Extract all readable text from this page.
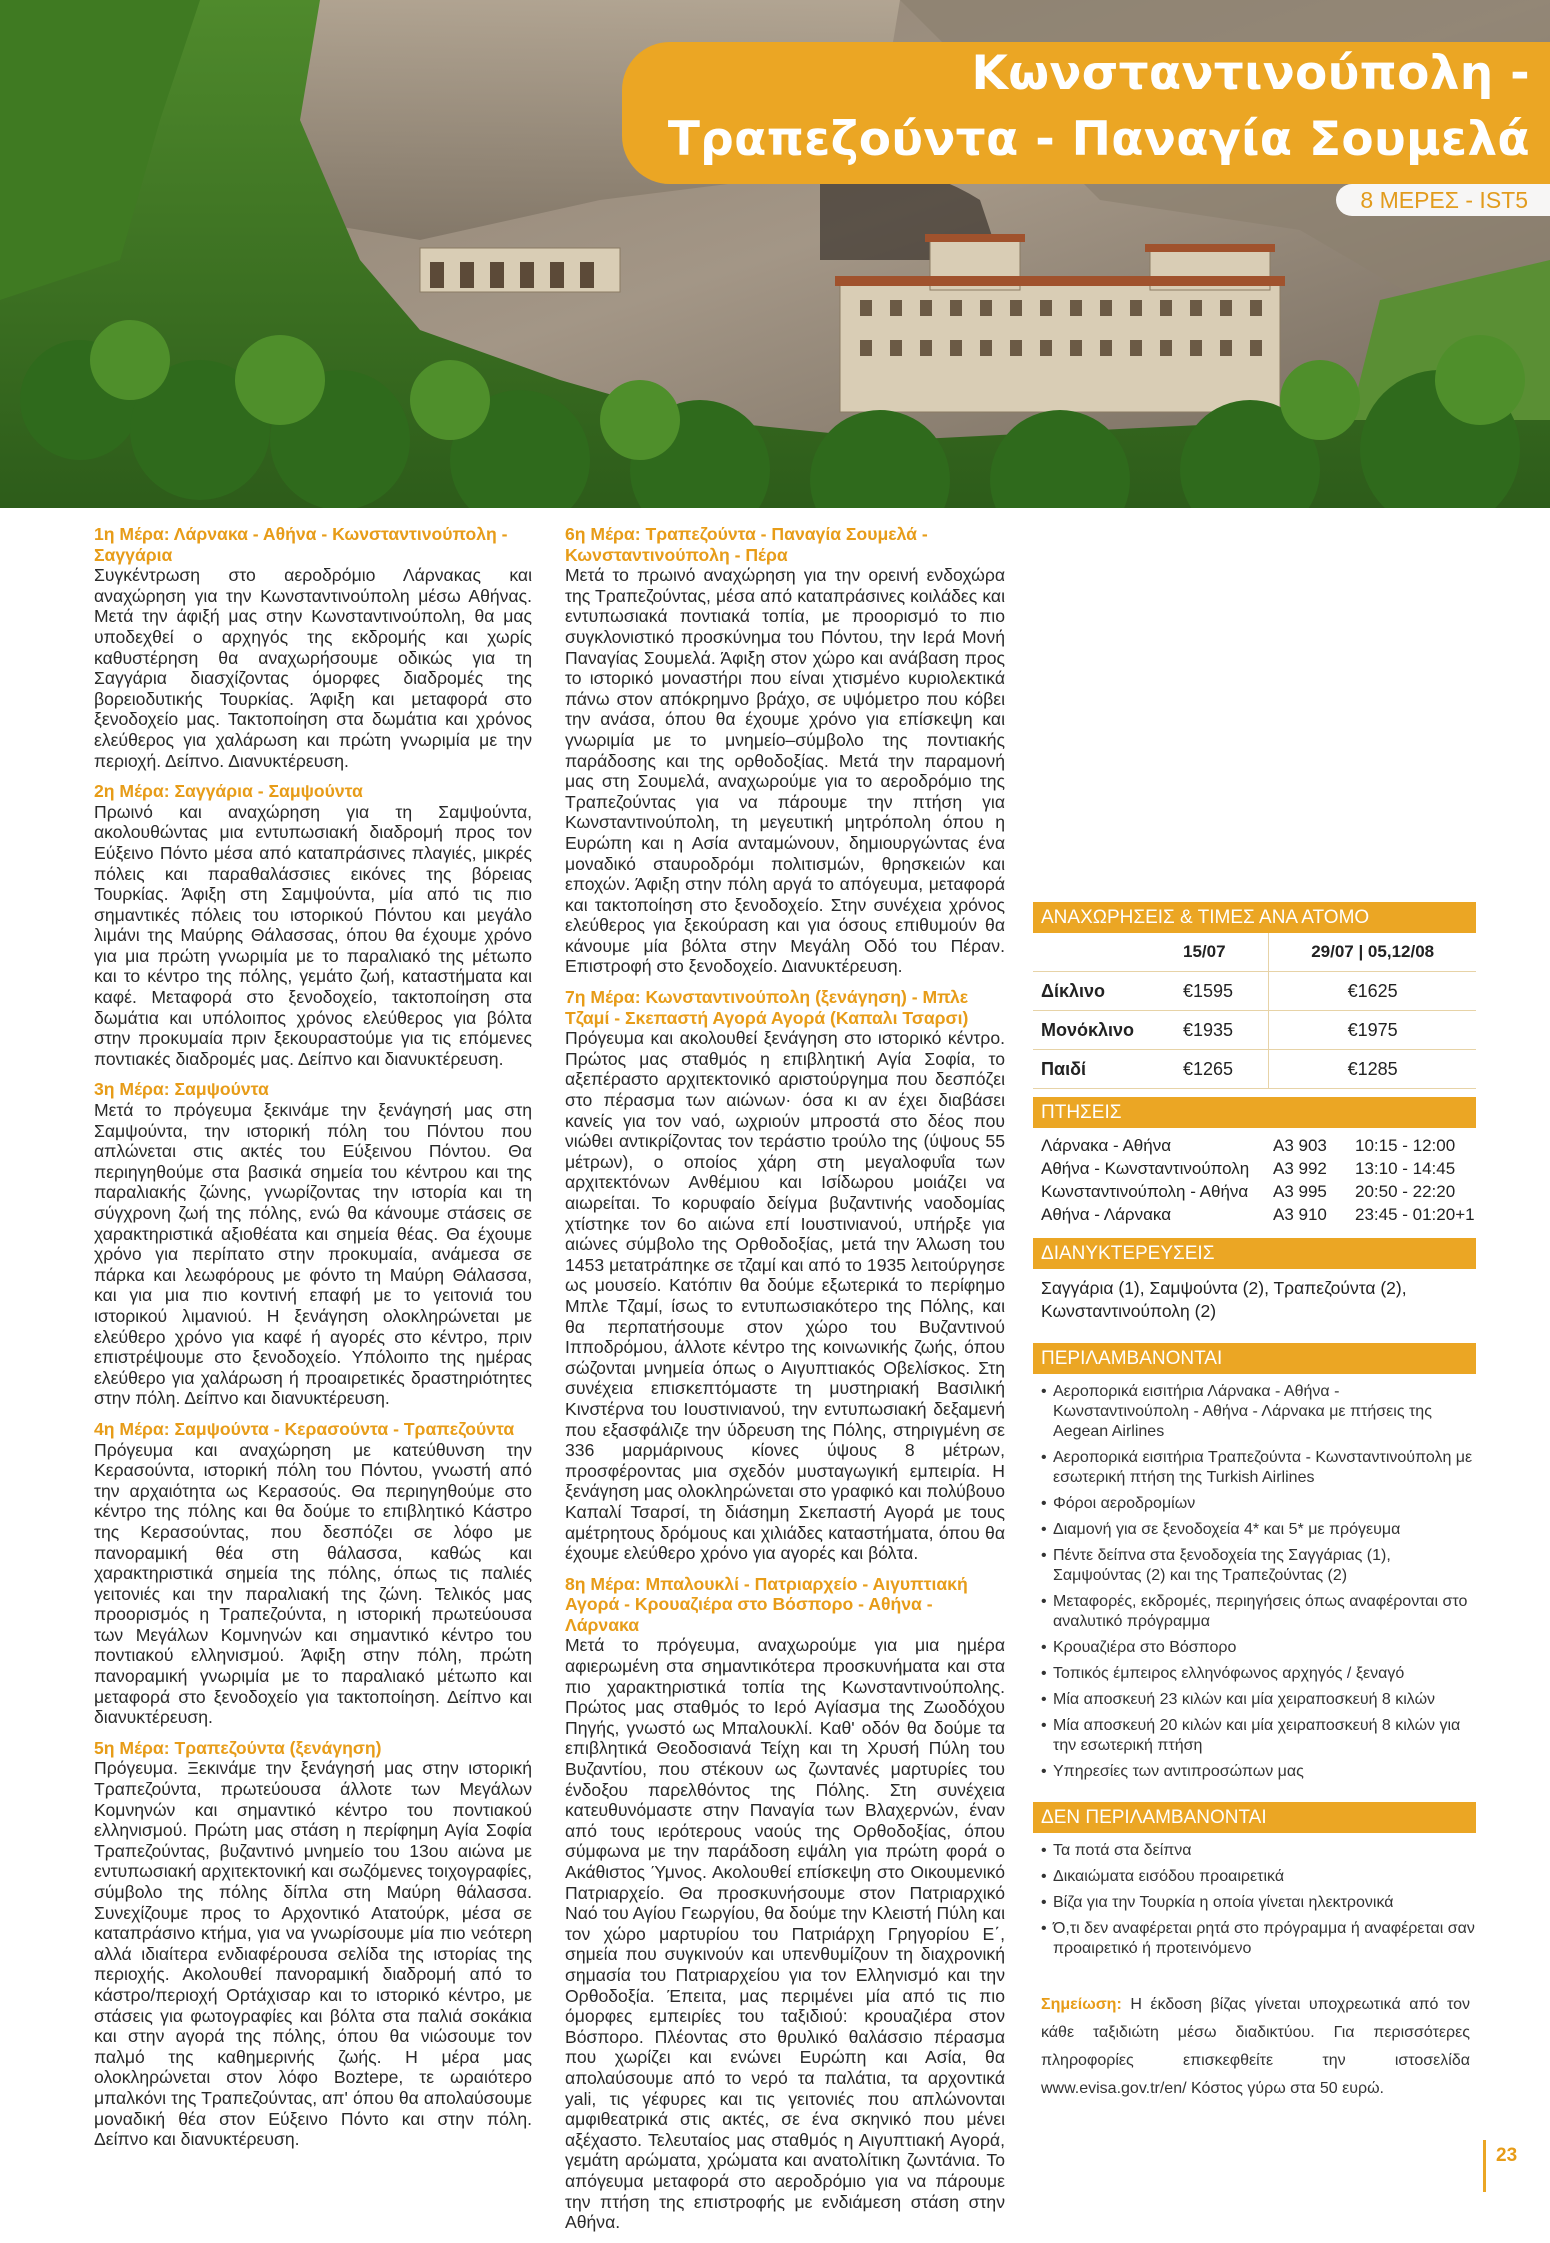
Κωνσταντινούπολη -
Τραπεζούντα - Παναγία Σουμελά
8 ΜΕΡΕΣ - IST5
1η Μέρα: Λάρνακα - Αθήνα - Κωνσταντινούπολη - Σαγγάρια

Συγκέντρωση στο αεροδρόμιο Λάρνακας και αναχώρηση για την Κωνσταντινούπολη μέσω Αθήνας. Μετά την άφιξή μας στην Κωνσταντινούπολη, θα μας υποδεχθεί ο αρχηγός της εκδρομής και χωρίς καθυστέρηση θα αναχωρήσουμε οδικώς για τη Σαγγάρια διασχίζοντας όμορφες διαδρομές της βορειοδυτικής Τουρκίας. Άφιξη και μεταφορά στο ξενοδοχείο μας. Τακτοποίηση στα δωμάτια και χρόνος ελεύθερος για χαλάρωση και πρώτη γνωριμία με την περιοχή. Δείπνο. Διανυκτέρευση.

2η Μέρα: Σαγγάρια - Σαμψούντα

Πρωινό και αναχώρηση για τη Σαμψούντα, ακολουθώντας μια εντυπωσιακή διαδρομή προς τον Εύξεινο Πόντο μέσα από καταπράσινες πλαγιές, μικρές πόλεις και παραθαλάσσιες εικόνες της βόρειας Τουρκίας. Άφιξη στη Σαμψούντα, μία από τις πιο σημαντικές πόλεις του ιστορικού Πόντου και μεγάλο λιμάνι της Μαύρης Θάλασσας, όπου θα έχουμε χρόνο για μια πρώτη γνωριμία με το παραλιακό της μέτωπο και το κέντρο της πόλης, γεμάτο ζωή, καταστήματα και καφέ. Μεταφορά στο ξενοδοχείο, τακτοποίηση στα δωμάτια και υπόλοιπος χρόνος ελεύθερος για βόλτα στην προκυμαία πριν ξεκουραστούμε για τις επόμενες ποντιακές διαδρομές μας. Δείπνο και διανυκτέρευση.

3η Μέρα: Σαμψούντα

Μετά το πρόγευμα ξεκινάμε την ξενάγησή μας στη Σαμψούντα, την ιστορική πόλη του Πόντου που απλώνεται στις ακτές του Εύξεινου Πόντου. Θα περιηγηθούμε στα βασικά σημεία του κέντρου και της παραλιακής ζώνης, γνωρίζοντας την ιστορία και τη σύγχρονη ζωή της πόλης, ενώ θα κάνουμε στάσεις σε χαρακτηριστικά αξιοθέατα και σημεία θέας. Θα έχουμε χρόνο για περίπατο στην προκυμαία, ανάμεσα σε πάρκα και λεωφόρους με φόντο τη Μαύρη Θάλασσα, και για μια πιο κοντινή επαφή με το γειτονιά του ιστορικού λιμανιού. Η ξενάγηση ολοκληρώνεται με ελεύθερο χρόνο για καφέ ή αγορές στο κέντρο, πριν επιστρέψουμε στο ξενοδοχείο. Υπόλοιπο της ημέρας ελεύθερο για χαλάρωση ή προαιρετικές δραστηριότητες στην πόλη. Δείπνο και διανυκτέρευση.

4η Μέρα: Σαμψούντα - Κερασούντα - Τραπεζούντα

Πρόγευμα και αναχώρηση με κατεύθυνση την Κερασούντα, ιστορική πόλη του Πόντου, γνωστή από την αρχαιότητα ως Κερασούς. Θα περιηγηθούμε στο κέντρο της πόλης και θα δούμε το επιβλητικό Κάστρο της Κερασούντας, που δεσπόζει σε λόφο με πανοραμική θέα στη θάλασσα, καθώς και χαρακτηριστικά σημεία της πόλης, όπως τις παλιές γειτονιές και την παραλιακή της ζώνη. Τελικός μας προορισμός η Τραπεζούντα, η ιστορική πρωτεύουσα των Μεγάλων Κομνηνών και σημαντικό κέντρο του ποντιακού ελληνισμού. Άφιξη στην πόλη, πρώτη πανοραμική γνωριμία με το παραλιακό μέτωπο και μεταφορά στο ξενοδοχείο για τακτοποίηση. Δείπνο και διανυκτέρευση.

5η Μέρα: Τραπεζούντα (ξενάγηση)

Πρόγευμα. Ξεκινάμε την ξενάγησή μας στην ιστορική Τραπεζούντα, πρωτεύουσα άλλοτε των Μεγάλων Κομνηνών και σημαντικό κέντρο του ποντιακού ελληνισμού. Πρώτη μας στάση η περίφημη Αγία Σοφία Τραπεζούντας, βυζαντινό μνημείο του 13ου αιώνα με εντυπωσιακή αρχιτεκτονική και σωζόμενες τοιχογραφίες, σύμβολο της πόλης δίπλα στη Μαύρη θάλασσα. Συνεχίζουμε προς το Αρχοντικό Ατατούρκ, μέσα σε καταπράσινο κτήμα, για να γνωρίσουμε μία πιο νεότερη αλλά ιδιαίτερα ενδιαφέρουσα σελίδα της ιστορίας της περιοχής. Ακολουθεί πανοραμική διαδρομή από το κάστρο/περιοχή Ορτάχισαρ και το ιστορικό κέντρο, με στάσεις για φωτογραφίες και βόλτα στα παλιά σοκάκια και στην αγορά της πόλης, όπου θα νιώσουμε τον παλμό της καθημερινής ζωής. Η μέρα μας ολοκληρώνεται στον λόφο Boztepe, τε ωραιότερο μπαλκόνι της Τραπεζούντας, απ' όπου θα απολαύσουμε μοναδική θέα στον Εύξεινο Πόντο και στην πόλη. Δείπνο και διανυκτέρευση.

6η Μέρα: Τραπεζούντα - Παναγία Σουμελά - Κωνσταντινούπολη - Πέρα

Μετά το πρωινό αναχώρηση για την ορεινή ενδοχώρα της Τραπεζούντας, μέσα από καταπράσινες κοιλάδες και εντυπωσιακά ποντιακά τοπία, με προορισμό το πιο συγκλονιστικό προσκύνημα του Πόντου, την Ιερά Μονή Παναγίας Σουμελά. Άφιξη στον χώρο και ανάβαση προς το ιστορικό μοναστήρι που είναι χτισμένο κυριολεκτικά πάνω στον απόκρημνο βράχο, σε υψόμετρο που κόβει την ανάσα, όπου θα έχουμε χρόνο για επίσκεψη και γνωριμία με το μνημείο–σύμβολο της ποντιακής παράδοσης και της ορθοδοξίας. Μετά την παραμονή μας στη Σουμελά, αναχωρούμε για το αεροδρόμιο της Τραπεζούντας για να πάρουμε την πτήση για Κωνσταντινούπολη, τη μεγευτική μητρόπολη όπου η Ευρώπη και η Ασία ανταμώνουν, δημιουργώντας ένα μοναδικό σταυροδρόμι πολιτισμών, θρησκειών και εποχών. Άφιξη στην πόλη αργά το απόγευμα, μεταφορά και τακτοποίηση στο ξενοδοχείο. Στην συνέχεια χρόνος ελεύθερος για ξεκούραση και για όσους επιθυμούν θα κάνουμε μία βόλτα στην Μεγάλη Οδό του Πέραν. Επιστροφή στο ξενοδοχείο. Διανυκτέρευση.

7η Μέρα: Κωνσταντινούπολη (ξενάγηση) - Μπλε Τζαμί - Σκεπαστή Αγορά Αγορά (Καπαλι Τσαρσι)

Πρόγευμα και ακολουθεί ξενάγηση στο ιστορικό κέντρο. Πρώτος μας σταθμός η επιβλητική Αγία Σοφία, το αξεπέραστο αρχιτεκτονικό αριστούργημα που δεσπόζει στο πέρασμα των αιώνων· όσα κι αν έχει διαβάσει κανείς για τον ναό, ωχριούν μπροστά στο δέος που νιώθει αντικρίζοντας τον τεράστιο τρούλο της (ύψους 55 μέτρων), ο οποίος χάρη στη μεγαλοφυΐα των αρχιτεκτόνων Ανθέμιου και Ισίδωρου μοιάζει να αιωρείται. Το κορυφαίο δείγμα βυζαντινής ναοδομίας χτίστηκε τον 6ο αιώνα επί Ιουστινιανού, υπήρξε για αιώνες σύμβολο της Ορθοδοξίας, μετά την Άλωση του 1453 μετατράπηκε σε τζαμί και από το 1935 λειτούργησε ως μουσείο. Κατόπιν θα δούμε εξωτερικά το περίφημο Μπλε Τζαμί, ίσως το εντυπωσιακότερο της Πόλης, και θα περπατήσουμε στον χώρο του Βυζαντινού Ιπποδρόμου, άλλοτε κέντρο της κοινωνικής ζωής, όπου σώζονται μνημεία όπως ο Αιγυπτιακός Οβελίσκος. Στη συνέχεια επισκεπτόμαστε τη μυστηριακή Βασιλική Κινστέρνα του Ιουστινιανού, την εντυπωσιακή δεξαμενή που εξασφάλιζε την ύδρευση της Πόλης, στηριγμένη σε 336 μαρμάρινους κίονες ύψους 8 μέτρων, προσφέροντας μια σχεδόν μυσταγωγική εμπειρία. Η ξενάγηση μας ολοκληρώνεται στο γραφικό και πολύβουο Καπαλί Τσαρσί, τη διάσημη Σκεπαστή Αγορά με τους αμέτρητους δρόμους και χιλιάδες καταστήματα, όπου θα έχουμε ελεύθερο χρόνο για αγορές και βόλτα.

8η Μέρα: Μπαλουκλί - Πατριαρχείο - Αιγυπτιακή Αγορά - Κρουαζιέρα στο Βόσπορο - Αθήνα - Λάρνακα

Μετά το πρόγευμα, αναχωρούμε για μια ημέρα αφιερωμένη στα σημαντικότερα προσκυνήματα και στα πιο χαρακτηριστικά τοπία της Κωνσταντινούπολης. Πρώτος μας σταθμός το Ιερό Αγίασμα της Ζωοδόχου Πηγής, γνωστό ως Μπαλουκλί. Καθ' οδόν θα δούμε τα επιβλητικά Θεοδοσιανά Τείχη και τη Χρυσή Πύλη του Βυζαντίου, που στέκουν ως ζωντανές μαρτυρίες του ένδοξου παρελθόντος της Πόλης. Στη συνέχεια κατευθυνόμαστε στην Παναγία των Βλαχερνών, έναν από τους ιερότερους ναούς της Ορθοδοξίας, όπου σύμφωνα με την παράδοση εψάλη για πρώτη φορά ο Ακάθιστος Ύμνος. Ακολουθεί επίσκεψη στο Οικουμενικό Πατριαρχείο. Θα προσκυνήσουμε στον Πατριαρχικό Ναό του Αγίου Γεωργίου, θα δούμε την Κλειστή Πύλη και τον χώρο μαρτυρίου του Πατριάρχη Γρηγορίου Ε΄, σημεία που συγκινούν και υπενθυμίζουν τη διαχρονική σημασία του Πατριαρχείου για τον Ελληνισμό και την Ορθοδοξία. Έπειτα, μας περιμένει μία από τις πιο όμορφες εμπειρίες του ταξιδιού: κρουαζιέρα στον Βόσπορο. Πλέοντας στο θρυλικό θαλάσσιο πέρασμα που χωρίζει και ενώνει Ευρώπη και Ασία, θα απολαύσουμε από το νερό τα παλάτια, τα αρχοντικά yali, τις γέφυρες και τις γειτονιές που απλώνονται αμφιθεατρικά στις ακτές, σε ένα σκηνικό που μένει αξέχαστο. Τελευταίος μας σταθμός η Αιγυπτιακή Αγορά, γεμάτη αρώματα, χρώματα και ανατολίτικη ζωντάνια. Το απόγευμα μεταφορά στο αεροδρόμιο για να πάρουμε την πτήση της επιστροφής με ενδιάμεση στάση στην Αθήνα.

ΑΝΑΧΩΡΗΣΕΙΣ & ΤΙΜΕΣ ΑΝΑ ΑΤΟΜΟ
	15/07	29/07 | 05,12/08
Δίκλινο	€1595	€1625
Μονόκλινο	€1935	€1975
Παιδί	€1265	€1285
ΠΤΗΣΕΙΣ
Λάρνακα - Αθήνα	A3 903	10:15 - 12:00
Αθήνα - Κωνσταντινούπολη	A3 992	13:10 - 14:45
Κωνσταντινούπολη - Αθήνα	A3 995	20:50 - 22:20
Αθήνα - Λάρνακα	A3 910	23:45 - 01:20+1
ΔΙΑΝΥΚΤΕΡΕΥΣΕΙΣ
Σαγγάρια (1), Σαμψούντα (2), Τραπεζούντα (2), Κωνσταντινούπολη (2)
ΠΕΡΙΛΑΜΒΑΝΟΝΤΑΙ
• Αεροπορικά εισιτήρια Λάρνακα - Αθήνα - Κωνσταντινούπολη - Αθήνα - Λάρνακα με πτήσεις της Aegean Airlines
• Αεροπορικά εισιτήρια Τραπεζούντα - Κωνσταντινούπολη με εσωτερική πτήση της Turkish Airlines
• Φόροι αεροδρομίων
• Διαμονή για σε ξενοδοχεία 4* και 5* με πρόγευμα
• Πέντε δείπνα στα ξενοδοχεία της Σαγγάριας (1), Σαμψούντας (2) και της Τραπεζούντας (2)
• Μεταφορές, εκδρομές, περιηγήσεις όπως αναφέρονται στο αναλυτικό πρόγραμμα
• Κρουαζιέρα στο Βόσπορο
• Τοπικός έμπειρος ελληνόφωνος αρχηγός / ξεναγό
• Μία αποσκευή 23 κιλών και μία χειραποσκευή 8 κιλών
• Μία αποσκευή 20 κιλών και μία χειραποσκευή 8 κιλών για την εσωτερική πτήση
• Υπηρεσίες των αντιπροσώπων μας
ΔΕΝ ΠΕΡΙΛΑΜΒΑΝΟΝΤΑΙ
• Τα ποτά στα δείπνα
• Δικαιώματα εισόδου προαιρετικά
• Βίζα για την Τουρκία η οποία γίνεται ηλεκτρονικά
• Ό,τι δεν αναφέρεται ρητά στο πρόγραμμα ή αναφέρεται σαν προαιρετικό ή προτεινόμενο
Σημείωση: Η έκδοση βίζας γίνεται υποχρεωτικά από τον κάθε ταξιδιώτη μέσω διαδικτύου. Για περισσότερες πληροφορίες επισκεφθείτε την ιστοσελίδα www.evisa.gov.tr/en/ Κόστος γύρω στα 50 ευρώ.
23
